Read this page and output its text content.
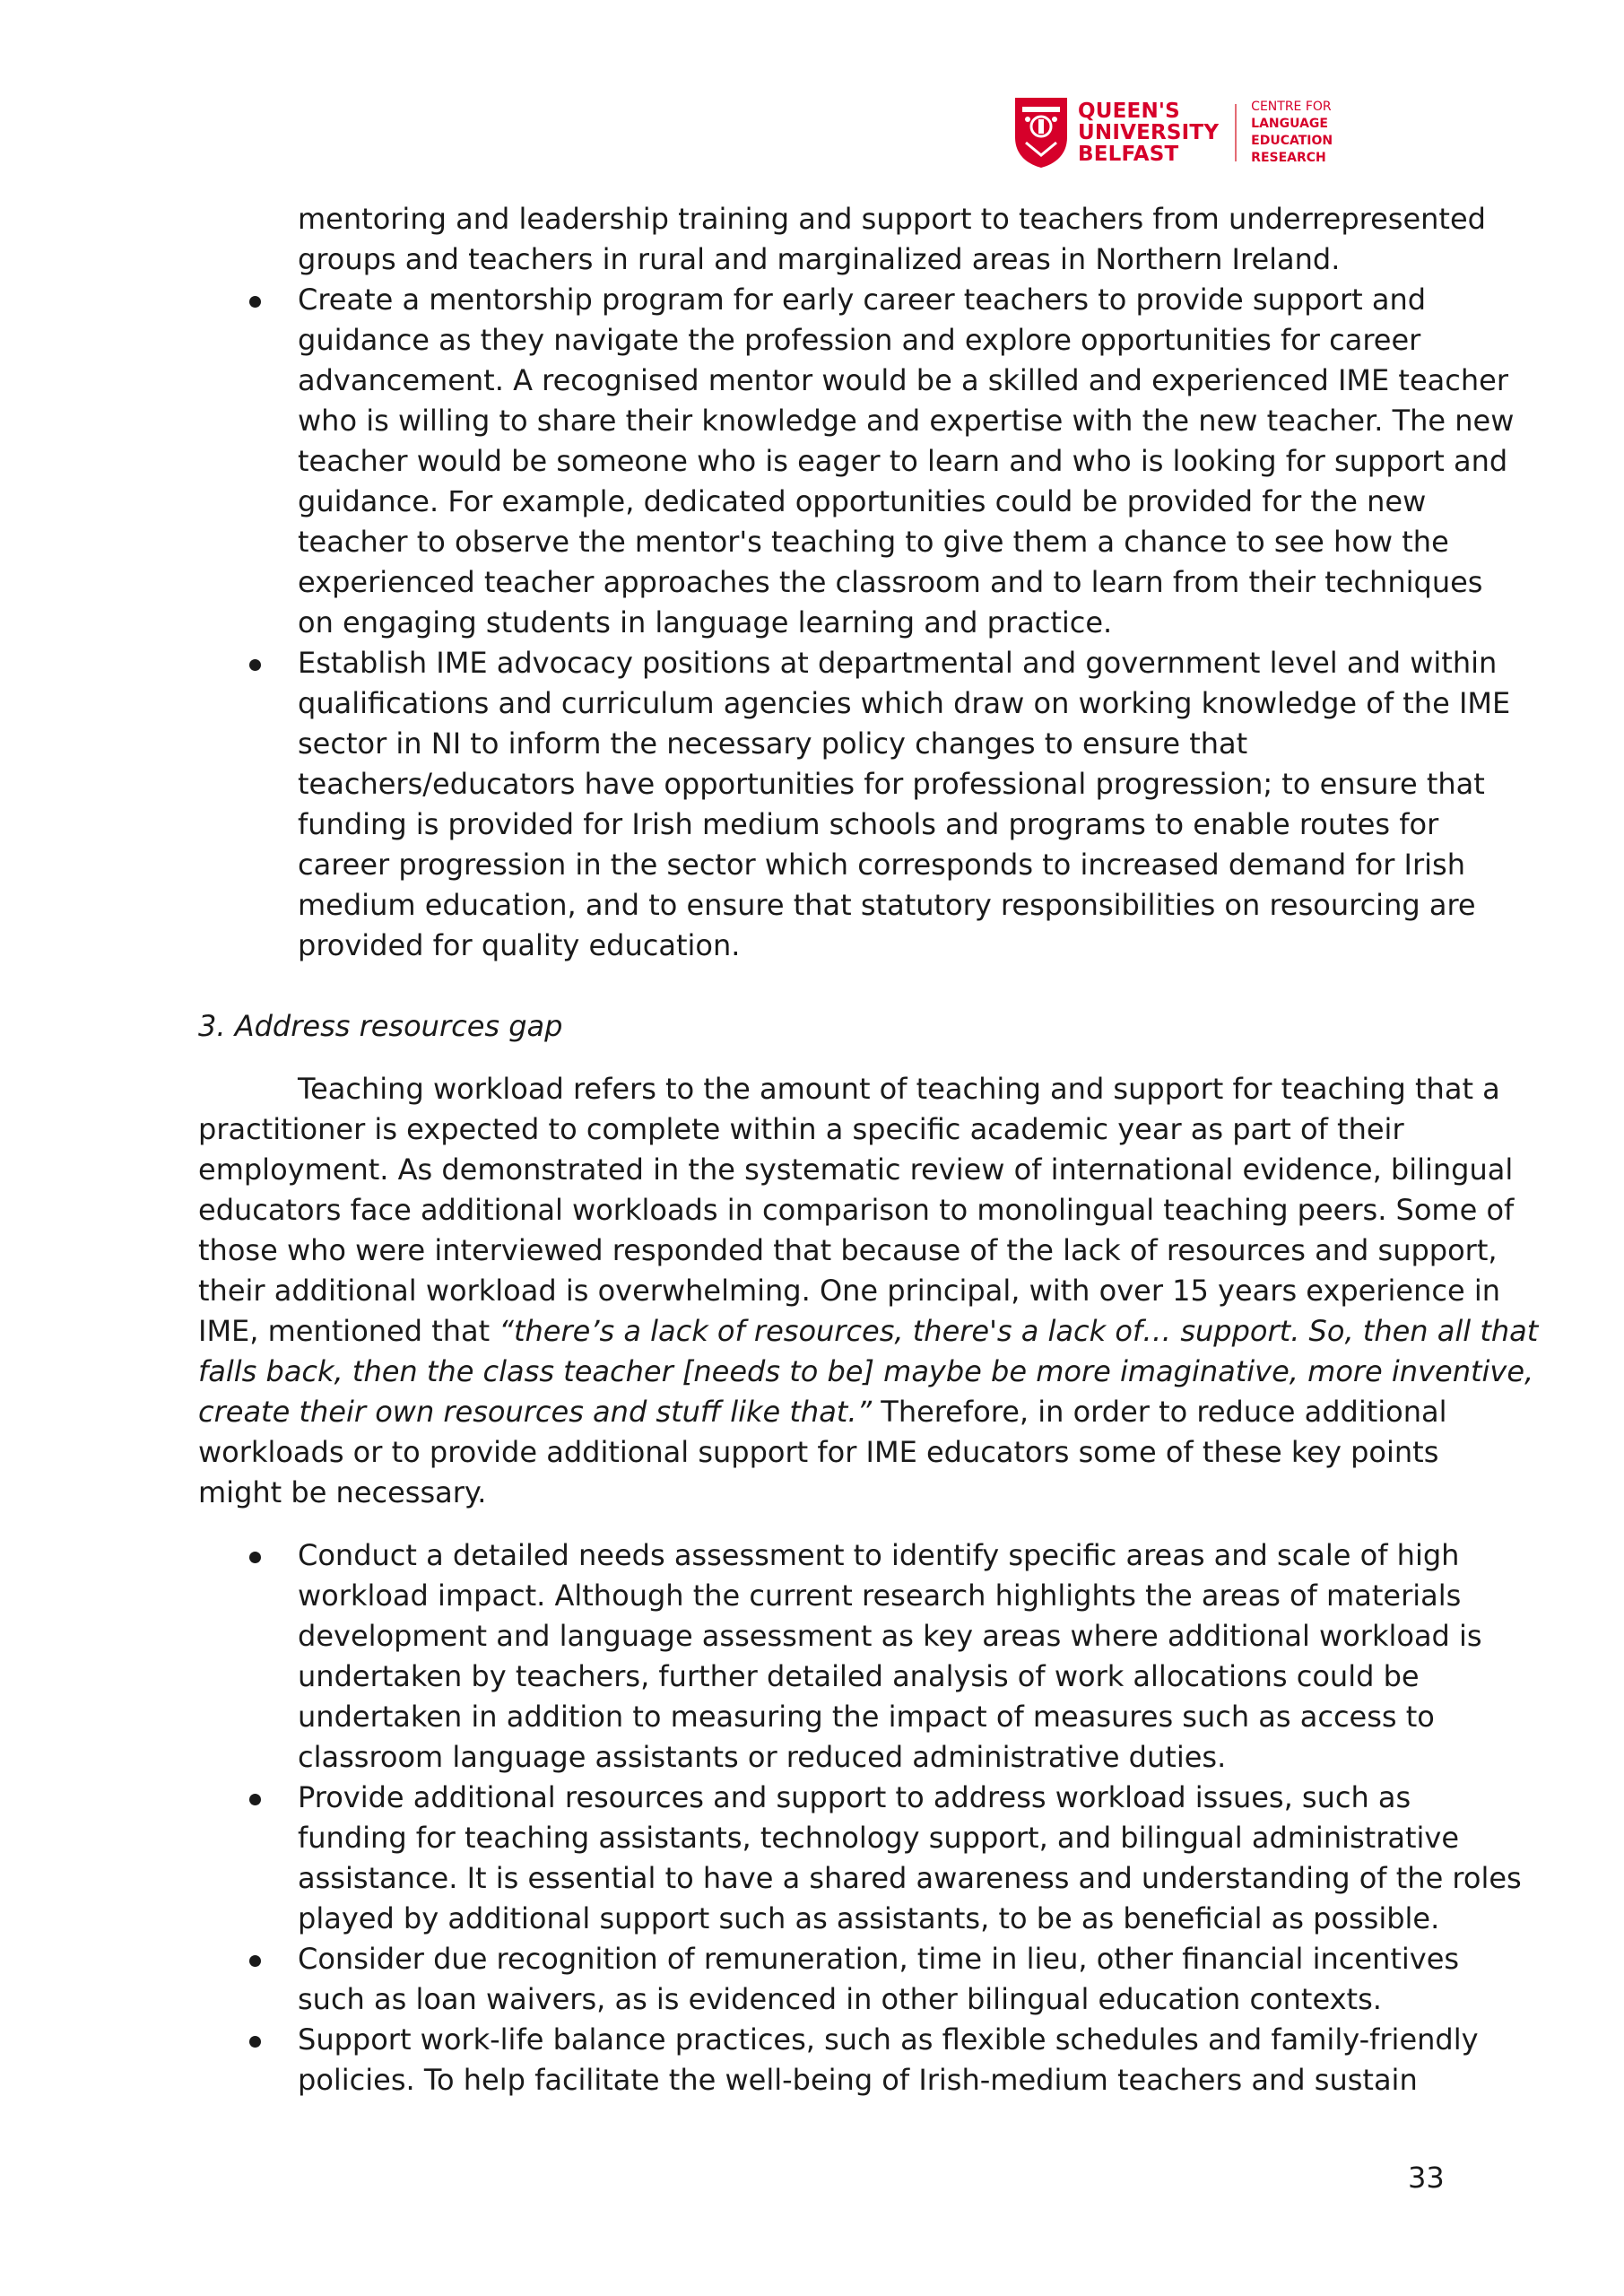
QUEEN'S
UNIVERSITY
BELFAST
CENTRE FOR
LANGUAGE
EDUCATION
RESEARCH
mentoring and leadership training and support to teachers from underrepresented
groups and teachers in rural and marginalized areas in Northern Ireland.
Create a mentorship program for early career teachers to provide support and
guidance as they navigate the profession and explore opportunities for career
advancement. A recognised mentor would be a skilled and experienced IME teacher
who is willing to share their knowledge and expertise with the new teacher. The new
teacher would be someone who is eager to learn and who is looking for support and
guidance. For example, dedicated opportunities could be provided for the new
teacher to observe the mentor's teaching to give them a chance to see how the
experienced teacher approaches the classroom and to learn from their techniques
on engaging students in language learning and practice.
Establish IME advocacy positions at departmental and government level and within
qualifications and curriculum agencies which draw on working knowledge of the IME
sector in NI to inform the necessary policy changes to ensure that
teachers/educators have opportunities for professional progression; to ensure that
funding is provided for Irish medium schools and programs to enable routes for
career progression in the sector which corresponds to increased demand for Irish
medium education, and to ensure that statutory responsibilities on resourcing are
provided for quality education.
3. Address resources gap
Teaching workload refers to the amount of teaching and support for teaching that a
practitioner is expected to complete within a specific academic year as part of their
employment. As demonstrated in the systematic review of international evidence, bilingual
educators face additional workloads in comparison to monolingual teaching peers. Some of
those who were interviewed responded that because of the lack of resources and support,
their additional workload is overwhelming. One principal, with over 15 years experience in
IME, mentioned that “there’s a lack of resources, there's a lack of… support. So, then all that
falls back, then the class teacher [needs to be] maybe be more imaginative, more inventive,
create their own resources and stuff like that.” Therefore, in order to reduce additional
workloads or to provide additional support for IME educators some of these key points
might be necessary.
Conduct a detailed needs assessment to identify specific areas and scale of high
workload impact. Although the current research highlights the areas of materials
development and language assessment as key areas where additional workload is
undertaken by teachers, further detailed analysis of work allocations could be
undertaken in addition to measuring the impact of measures such as access to
classroom language assistants or reduced administrative duties.
Provide additional resources and support to address workload issues, such as
funding for teaching assistants, technology support, and bilingual administrative
assistance. It is essential to have a shared awareness and understanding of the roles
played by additional support such as assistants, to be as beneficial as possible.
Consider due recognition of remuneration, time in lieu, other financial incentives
such as loan waivers, as is evidenced in other bilingual education contexts.
Support work-life balance practices, such as flexible schedules and family-friendly
policies. To help facilitate the well-being of Irish-medium teachers and sustain
33
